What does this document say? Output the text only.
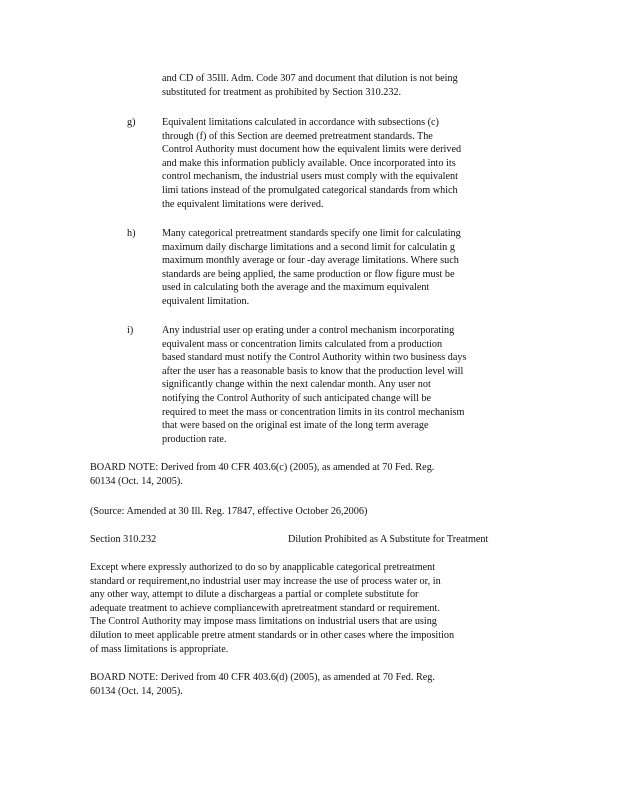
and CD of 35Ill. Adm. Code 307 and document that dilution is not being
substituted for treatment as prohibited by Section 310.232.
g)	Equivalent limitations calculated in accordance with subsections (c)
through (f) of this Section are deemed pretreatment standards. The
Control Authority must document how the equivalent limits were derived
and make this information publicly available. Once incorporated into its
control mechanism, the industrial users must comply with the equivalent
limi tations instead of the promulgated categorical standards from which
the equivalent limitations were derived.
h)	Many categorical pretreatment standards specify one limit for calculating
maximum daily discharge limitations and a second limit for calculatin g
maximum monthly average or four -day average limitations. Where such
standards are being applied, the same production or flow figure must be
used in calculating both the average and the maximum equivalent
equivalent limitation.
i)	Any industrial user op erating under a control mechanism incorporating
equivalent mass or concentration limits calculated from a production
based standard must notify the Control Authority within two business days
after the user has a reasonable basis to know that the production level will
significantly change within the next calendar month. Any user not
notifying the Control Authority of such anticipated change will be
required to meet the mass or concentration limits in its control mechanism
that were based on the original est imate of the long term average
production rate.
BOARD NOTE: Derived from 40 CFR 403.6(c) (2005), as amended at 70 Fed. Reg.
60134 (Oct. 14, 2005).
(Source: Amended at 30 Ill. Reg. 17847, effective October 26,2006)
Section 310.232	Dilution Prohibited as A Substitute for Treatment
Except where expressly authorized to do so by anapplicable categorical pretreatment
standard or requirement,no industrial user may increase the use of process water or, in
any other way, attempt to dilute a dischargeas a partial or complete substitute for
adequate treatment to achieve compliancewith apretreatment standard or requirement.
The Control Authority may impose mass limitations on industrial users that are using
dilution to meet applicable pretre atment standards or in other cases where the imposition
of mass limitations is appropriate.
BOARD NOTE: Derived from 40 CFR 403.6(d) (2005), as amended at 70 Fed. Reg.
60134 (Oct. 14, 2005).
